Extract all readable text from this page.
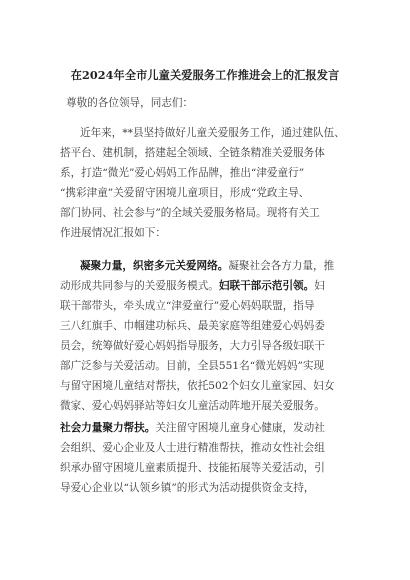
在2024年全市儿童关爱服务工作推进会上的汇报发言
尊敬的各位领导，同志们：
近年来，**县坚持做好儿童关爱服务工作，通过建队伍、
搭平台、建机制，搭建起全领域、全链条精准关爱服务体
系，打造“微光”爱心妈妈工作品牌，推出“津爱童行”
“携彩津童”关爱留守困境儿童项目，形成“党政主导、
部门协同、社会参与”的全域关爱服务格局。现将有关工
作进展情况汇报如下：
凝聚力量，织密多元关爱网络。凝聚社会各方力量，推
动形成共同参与的关爱服务模式。妇联干部示范引领。妇
联干部带头，牵头成立“津爱童行”爱心妈妈联盟，指导
三八红旗手、巾帼建功标兵、最美家庭等组建爱心妈妈委
员会，统筹做好爱心妈妈指导服务，大力引导各级妇联干
部广泛参与关爱活动。目前，全县551名“微光妈妈”实现
与留守困境儿童结对帮扶，依托502个妇女儿童家园、妇女
微家、爱心妈妈驿站等妇女儿童活动阵地开展关爱服务。
社会力量聚力帮扶。关注留守困境儿童身心健康，发动社
会组织、爱心企业及人士进行精准帮扶，推动女性社会组
织承办留守困境儿童素质提升、技能拓展等关爱活动，引
导爱心企业以“认领乡镇”的形式为活动提供资金支持，
